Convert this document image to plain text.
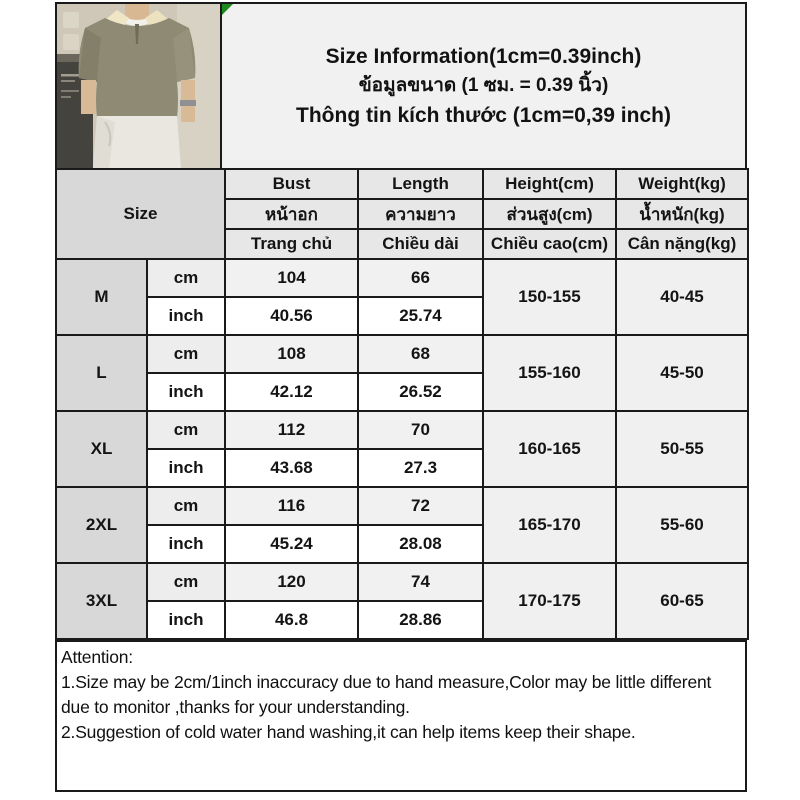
Size Information(1cm=0.39inch)
ข้อมูลขนาด (1 ซม. = 0.39 นิ้ว)
Thông tin kích thước (1cm=0,39 inch)
Size		Bust	Length	Height(cm)	Weight(kg)
		หน้าอก	ความยาว	ส่วนสูง(cm)	น้ำหนัก(kg)
		Trang chủ	Chiều dài	Chiều cao(cm)	Cân nặng(kg)
M	cm	104	66	150-155	40-45
	inch	40.56	25.74		
L	cm	108	68	155-160	45-50
	inch	42.12	26.52		
XL	cm	112	70	160-165	50-55
	inch	43.68	27.3		
2XL	cm	116	72	165-170	55-60
	inch	45.24	28.08		
3XL	cm	120	74	170-175	60-65
	inch	46.8	28.86		

Attention:

1.Size may be 2cm/1inch inaccuracy due to hand measure,Color may be little different due to monitor ,thanks for your understanding.

2.Suggestion of cold water hand washing,it can help items keep their shape.
